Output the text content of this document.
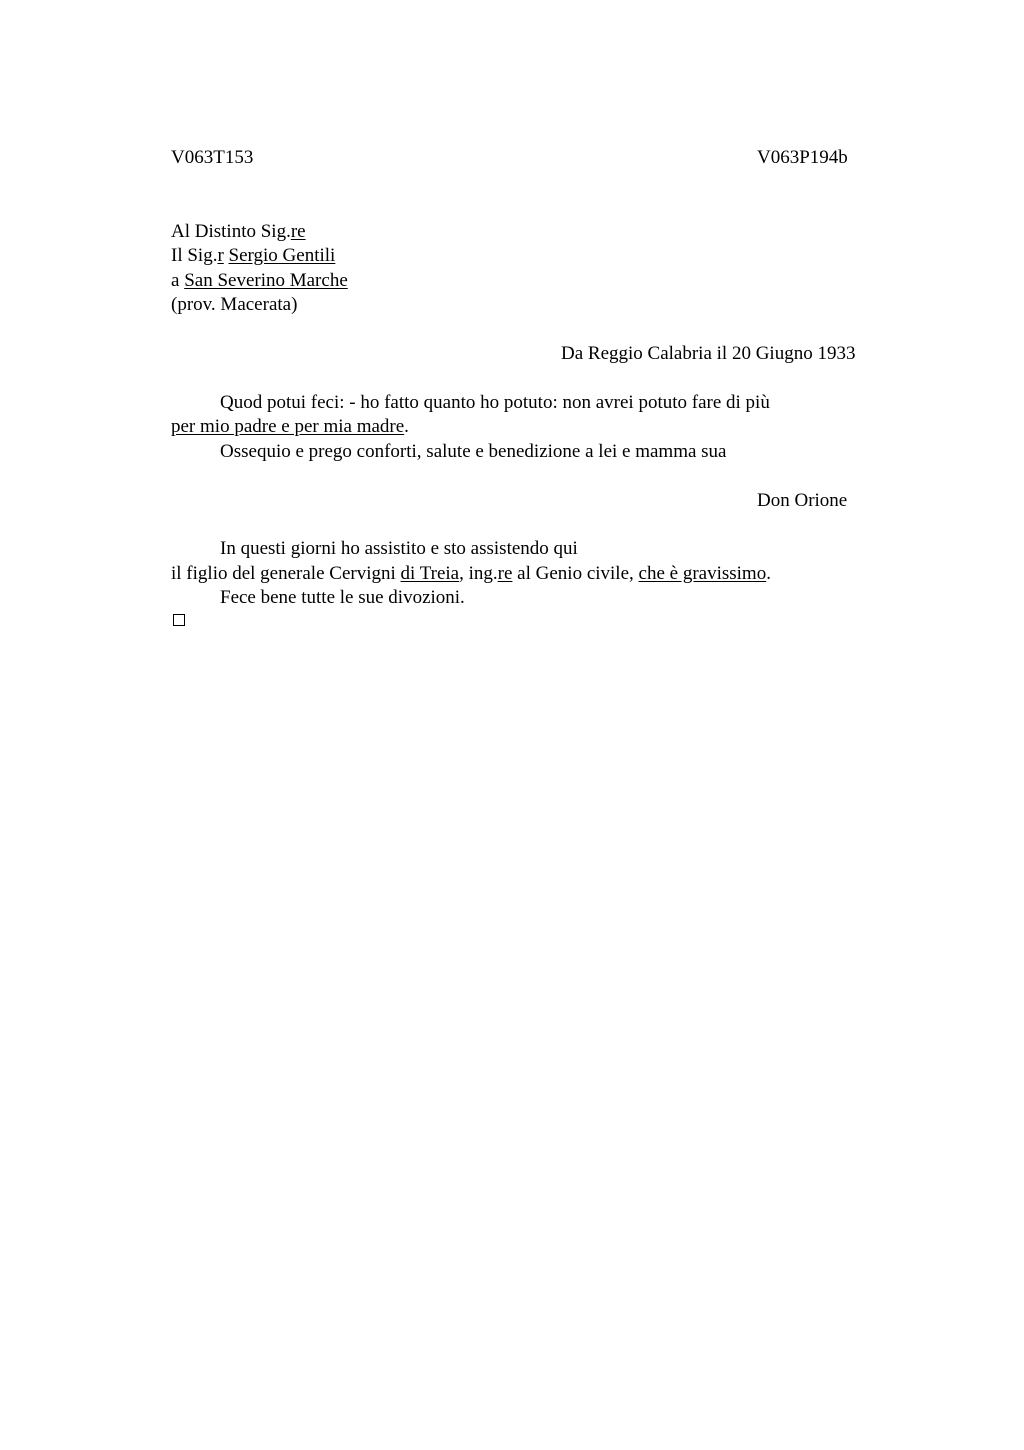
V063T153	V063P194b
Al Distinto Sig.re
Il Sig.r Sergio Gentili
a San Severino Marche
(prov. Macerata)
Da Reggio Calabria il 20 Giugno 1933
Quod potui feci: - ho fatto quanto ho potuto: non avrei potuto fare di più
per mio padre e per mia madre.
Ossequio e prego conforti, salute e benedizione a lei e mamma sua
Don Orione
In questi giorni ho assistito e sto assistendo qui
il figlio del generale Cervigni di Treia, ing.re al Genio civile, che è gravissimo.
Fece bene tutte le sue divozioni.
